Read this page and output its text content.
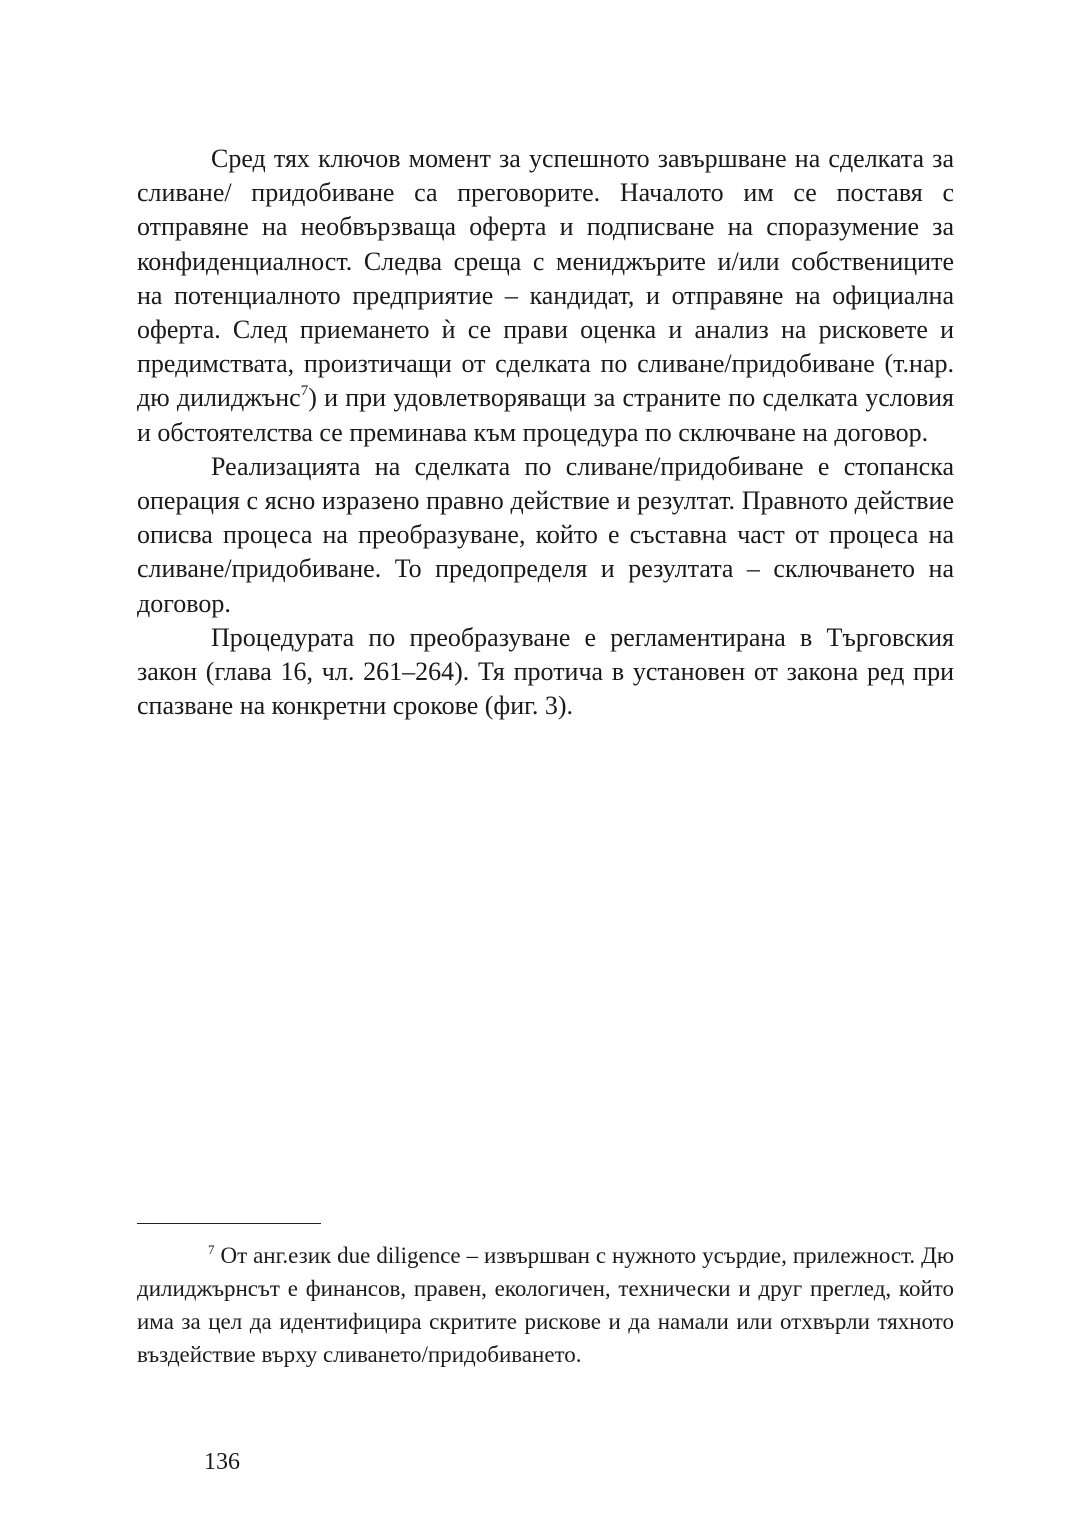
Сред тях ключов момент за успешното завършване на сделката за сливане/ придобиване са преговорите. Началото им се поставя с отправяне на необвързваща оферта и подписване на споразумение за конфиденциалност. Следва среща с мениджърите и/или собствениците на потенциалното предприятие – кандидат, и отправяне на официална оферта. След приемането ѝ се прави оценка и анализ на рисковете и предимствата, произтичащи от сделката по сливане/придобиване (т.нар. дю дилиджънс$^7$) и при удовлетворяващи за страните по сделката условия и обстоятелства се преминава към процедура по сключване на договор.

Реализацията на сделката по сливане/придобиване е стопанска операция с ясно изразено правно действие и резултат. Правното действие описва процеса на преобразуване, който е съставна част от процеса на сливане/придобиване. То предопределя и резултата – сключването на договор.

Процедурата по преобразуване е регламентирана в Търговския закон (глава 16, чл. 261–264). Тя протича в установен от закона ред при спазване на конкретни срокове (фиг. 3).

$^7$ От анг.език due diligence – извършван с нужното усърдие, прилежност. Дю дилиджърнсът е финансов, правен, екологичен, технически и друг преглед, който има за цел да идентифицира скритите рискове и да намали или отхвърли тяхното въздействие върху сливането/придобиването.

136
